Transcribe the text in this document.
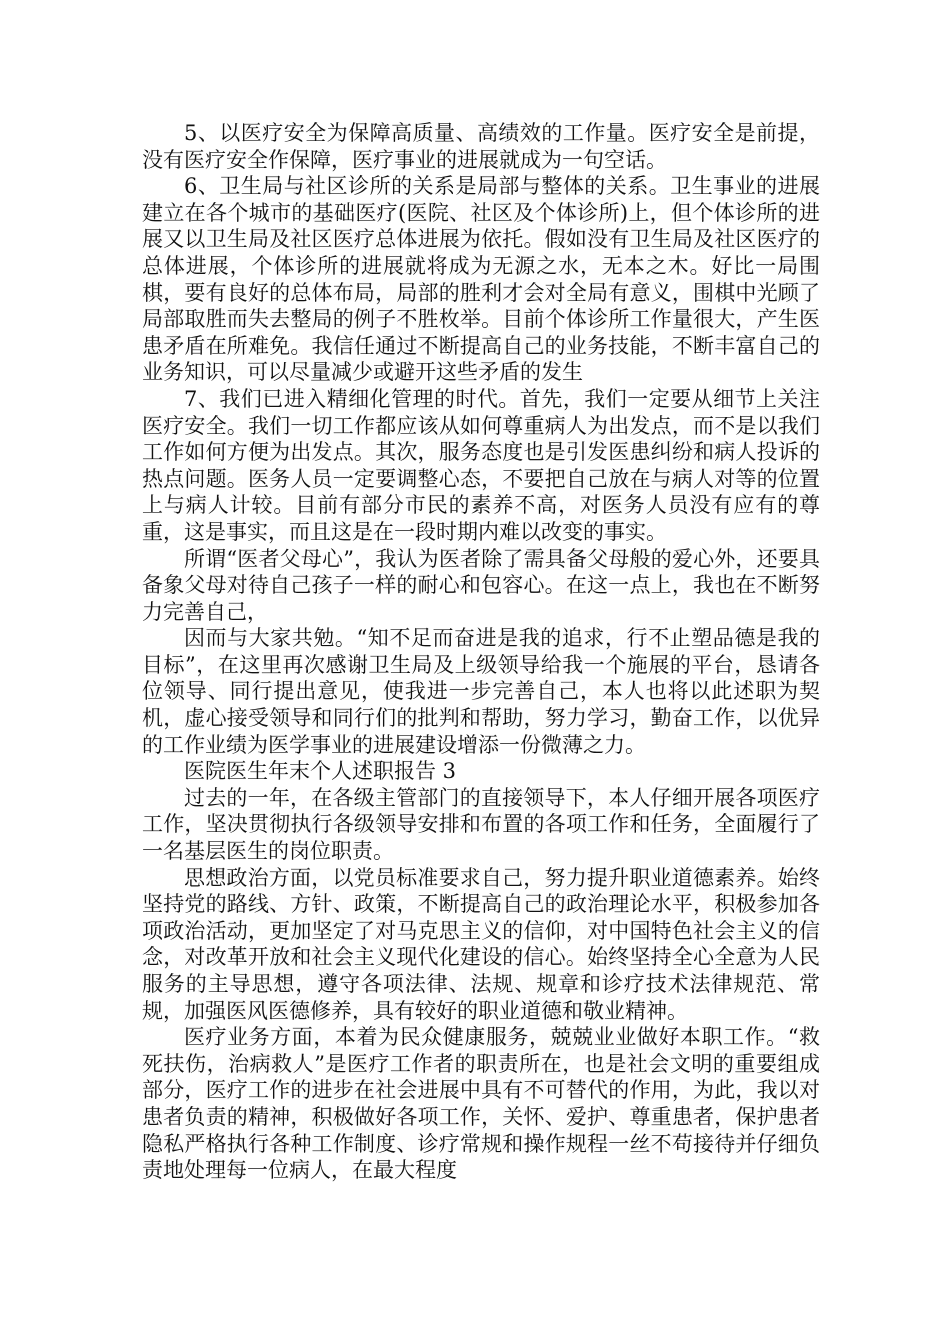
5、以医疗安全为保障高质量、高绩效的工作量。医疗安全是前提，没有医疗安全作保障，医疗事业的进展就成为一句空话。

6、卫生局与社区诊所的关系是局部与整体的关系。卫生事业的进展建立在各个城市的基础医疗(医院、社区及个体诊所)上，但个体诊所的进展又以卫生局及社区医疗总体进展为依托。假如没有卫生局及社区医疗的总体进展，个体诊所的进展就将成为无源之水，无本之木。好比一局围棋，要有良好的总体布局，局部的胜利才会对全局有意义，围棋中光顾了局部取胜而失去整局的例子不胜枚举。目前个体诊所工作量很大，产生医患矛盾在所难免。我信任通过不断提高自己的业务技能，不断丰富自己的业务知识，可以尽量减少或避开这些矛盾的发生

7、我们已进入精细化管理的时代。首先，我们一定要从细节上关注医疗安全。我们一切工作都应该从如何尊重病人为出发点，而不是以我们工作如何方便为出发点。其次，服务态度也是引发医患纠纷和病人投诉的热点问题。医务人员一定要调整心态，不要把自己放在与病人对等的位置上与病人计较。目前有部分市民的素养不高，对医务人员没有应有的尊重，这是事实，而且这是在一段时期内难以改变的事实。

所谓“医者父母心”，我认为医者除了需具备父母般的爱心外，还要具备象父母对待自己孩子一样的耐心和包容心。在这一点上，我也在不断努力完善自己，

因而与大家共勉。“知不足而奋进是我的追求，行不止塑品德是我的目标”，在这里再次感谢卫生局及上级领导给我一个施展的平台，恳请各位领导、同行提出意见，使我进一步完善自己，本人也将以此述职为契机，虚心接受领导和同行们的批判和帮助，努力学习，勤奋工作，以优异的工作业绩为医学事业的进展建设增添一份微薄之力。

医院医生年末个人述职报告 3

过去的一年，在各级主管部门的直接领导下，本人仔细开展各项医疗工作，坚决贯彻执行各级领导安排和布置的各项工作和任务，全面履行了一名基层医生的岗位职责。

思想政治方面，以党员标准要求自己，努力提升职业道德素养。始终坚持党的路线、方针、政策，不断提高自己的政治理论水平，积极参加各项政治活动，更加坚定了对马克思主义的信仰，对中国特色社会主义的信念，对改革开放和社会主义现代化建设的信心。始终坚持全心全意为人民服务的主导思想，遵守各项法律、法规、规章和诊疗技术法律规范、常规，加强医风医德修养，具有较好的职业道德和敬业精神。

医疗业务方面，本着为民众健康服务，兢兢业业做好本职工作。“救死扶伤，治病救人”是医疗工作者的职责所在，也是社会文明的重要组成部分，医疗工作的进步在社会进展中具有不可替代的作用，为此，我以对患者负责的精神，积极做好各项工作，关怀、爱护、尊重患者，保护患者隐私严格执行各种工作制度、诊疗常规和操作规程一丝不苟接待并仔细负责地处理每一位病人，在最大程度
